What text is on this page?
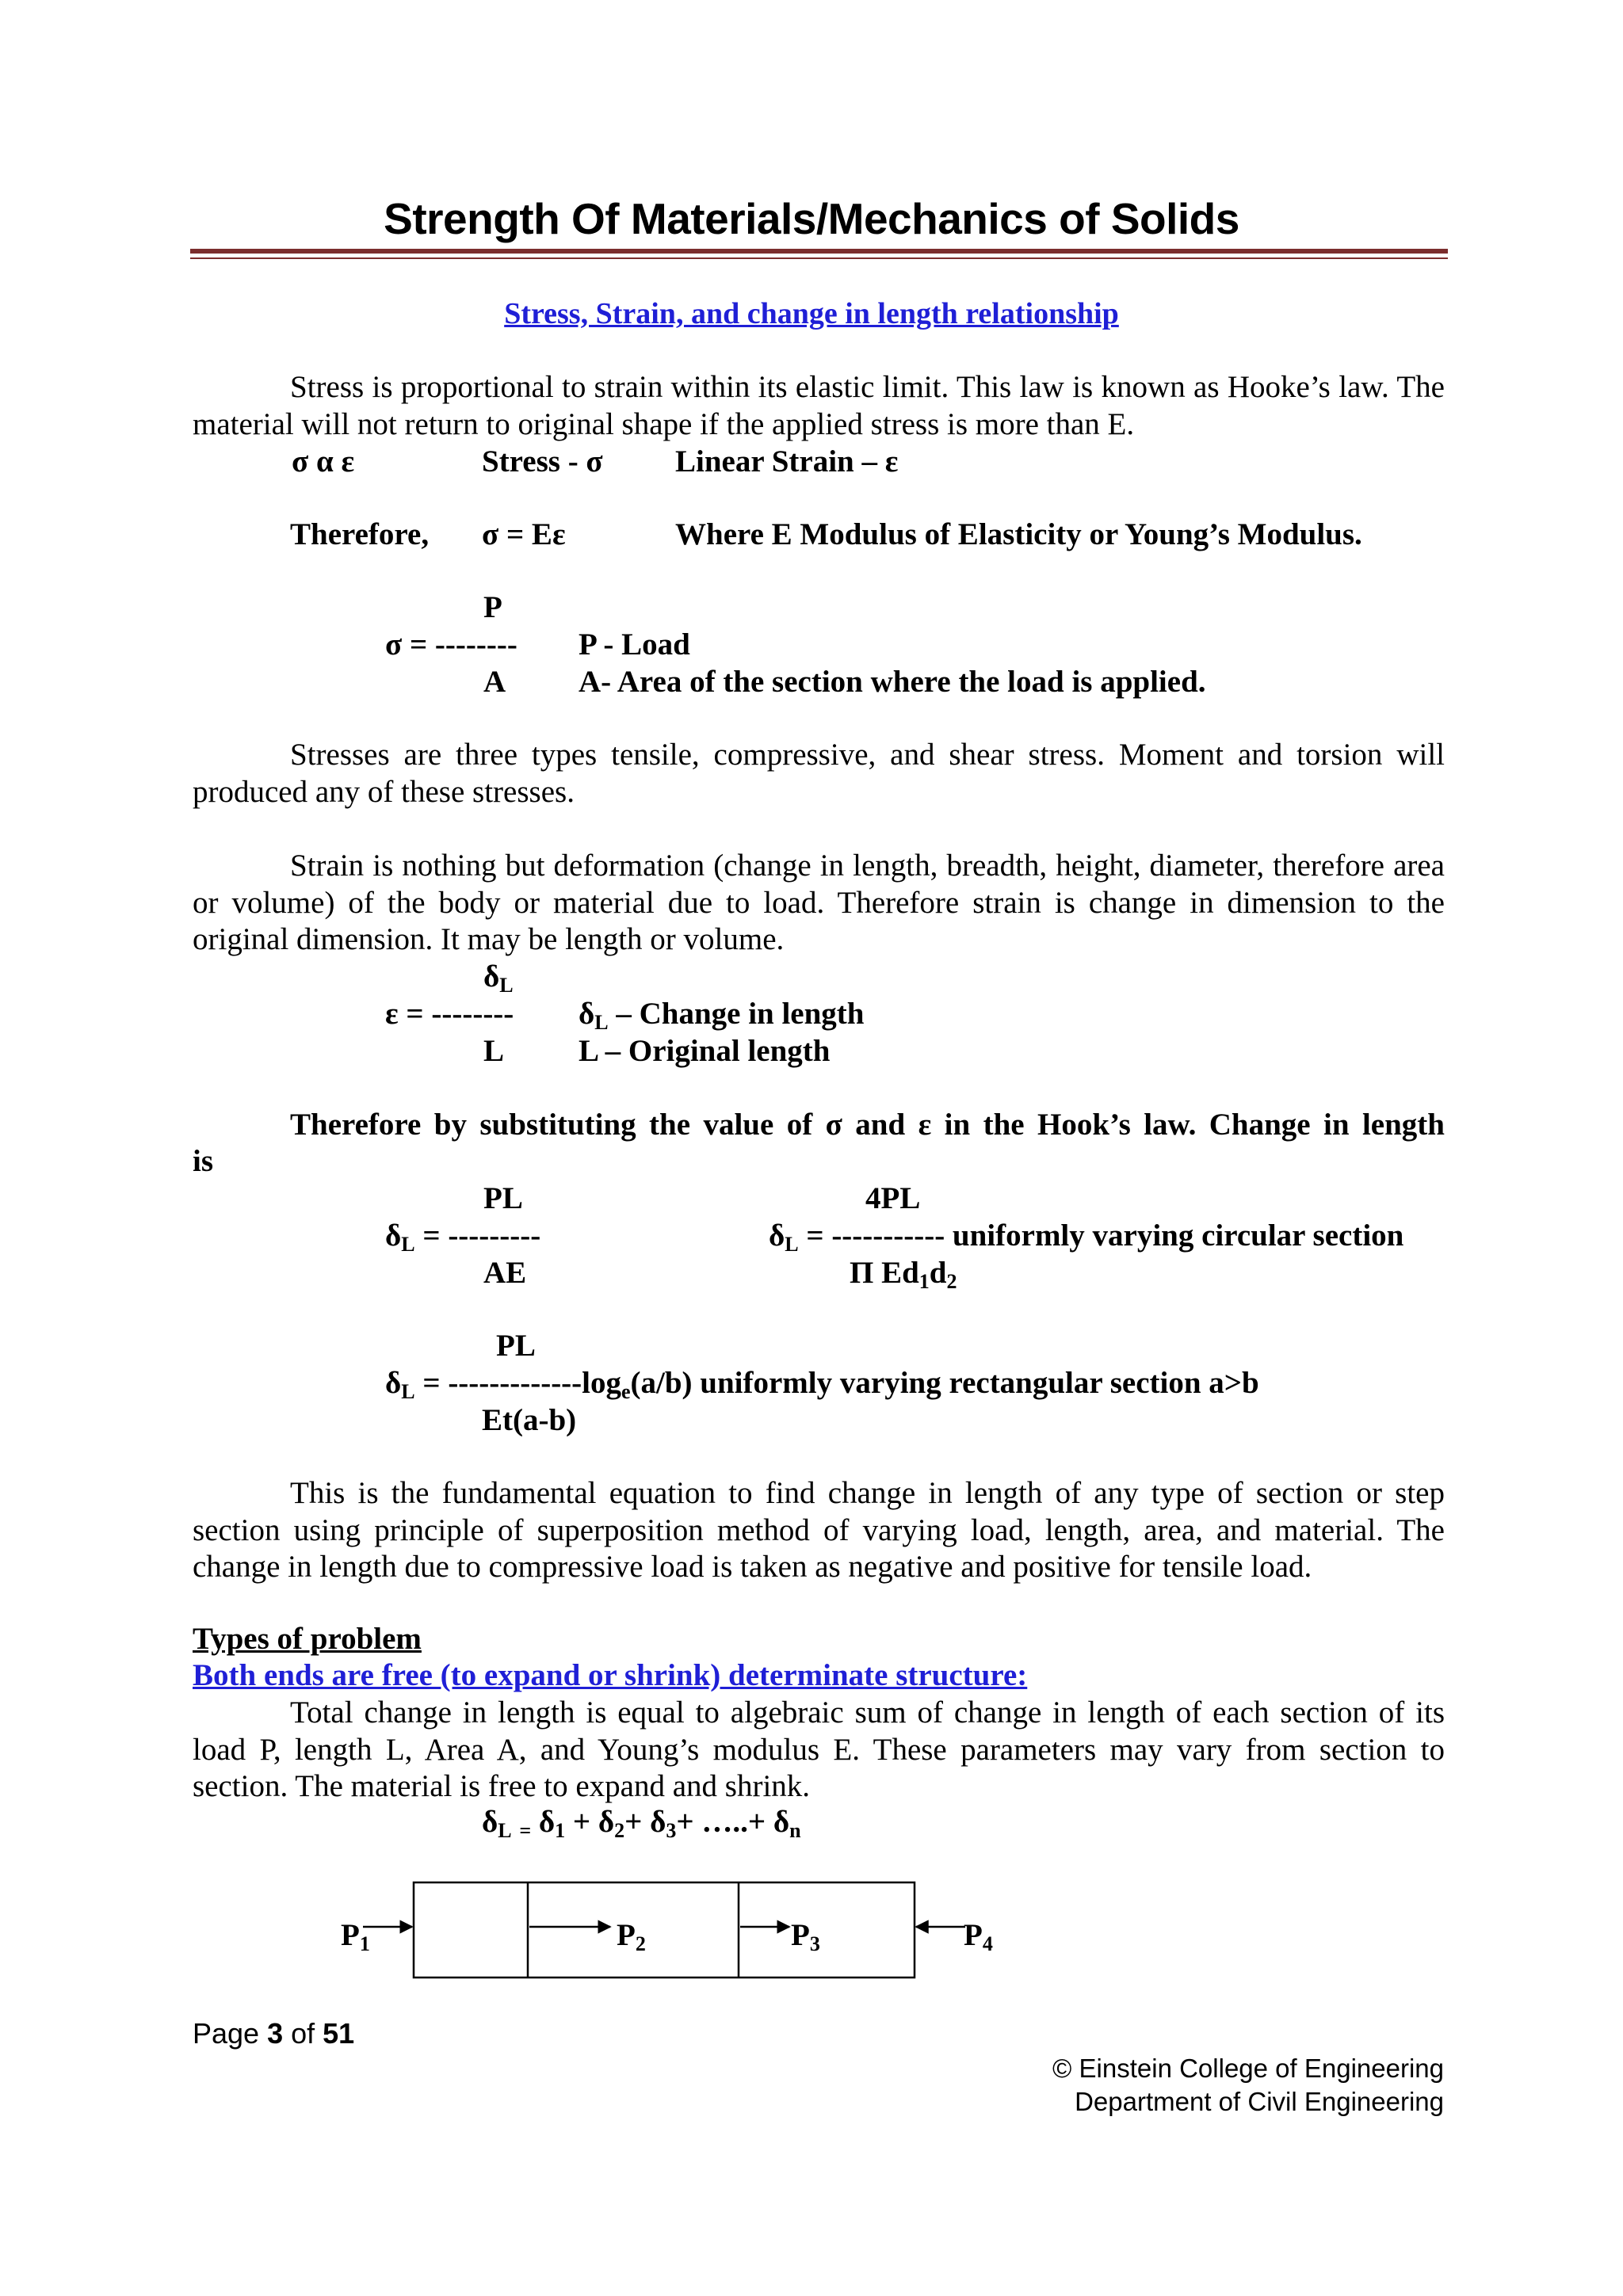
Strength Of Materials/Mechanics of Solids
Stress, Strain, and change in length relationship
Stress is proportional to strain within its elastic limit. This law is known as Hooke’s law. The material will not return to original shape if the applied stress is more than E.
σ α ε	Stress - σ Linear Strain – ε
Therefore, σ = Eε	Where E Modulus of Elasticity or Young’s Modulus.
P
σ = -------- P - Load
A A- Area of the section where the load is applied.
Stresses are three types tensile, compressive, and shear stress. Moment and torsion will produced any of these stresses.
Strain is nothing but deformation (change in length, breadth, height, diameter, therefore area or volume) of the body or material due to load. Therefore strain is change in dimension to the original dimension. It may be length or volume.
$\delta_L$
ε = -------- $\delta_L$ – Change in length
L L – Original length
Therefore by substituting the value of σ and ε in the Hook’s law. Change in length
is
PL
$\delta_L$ = ---------
AE
4PL
$\delta_L$ = ----------- uniformly varying circular section
Π $Ed_1d_2$
PL
$\delta_L = -------------\log_e(a/b)$ uniformly varying rectangular section a>b
Et(a-b)
This is the fundamental equation to find change in length of any type of section or step section using principle of superposition method of varying load, length, area, and material. The change in length due to compressive load is taken as negative and positive for tensile load.
Types of problem
Both ends are free (to expand or shrink) determinate structure:
Total change in length is equal to algebraic sum of change in length of each section of its load P, length L, Area A, and Young’s modulus E. These parameters may vary from section to section. The material is free to expand and shrink.
$\delta_L$ $_=$ $\delta_1 + \delta_2+ \delta_3+$ …..+ $\delta_n$
$P_1$	$P_2$	$P_3$	$P_4$
Page 3 of 51
© Einstein College of Engineering
Department of Civil Engineering
